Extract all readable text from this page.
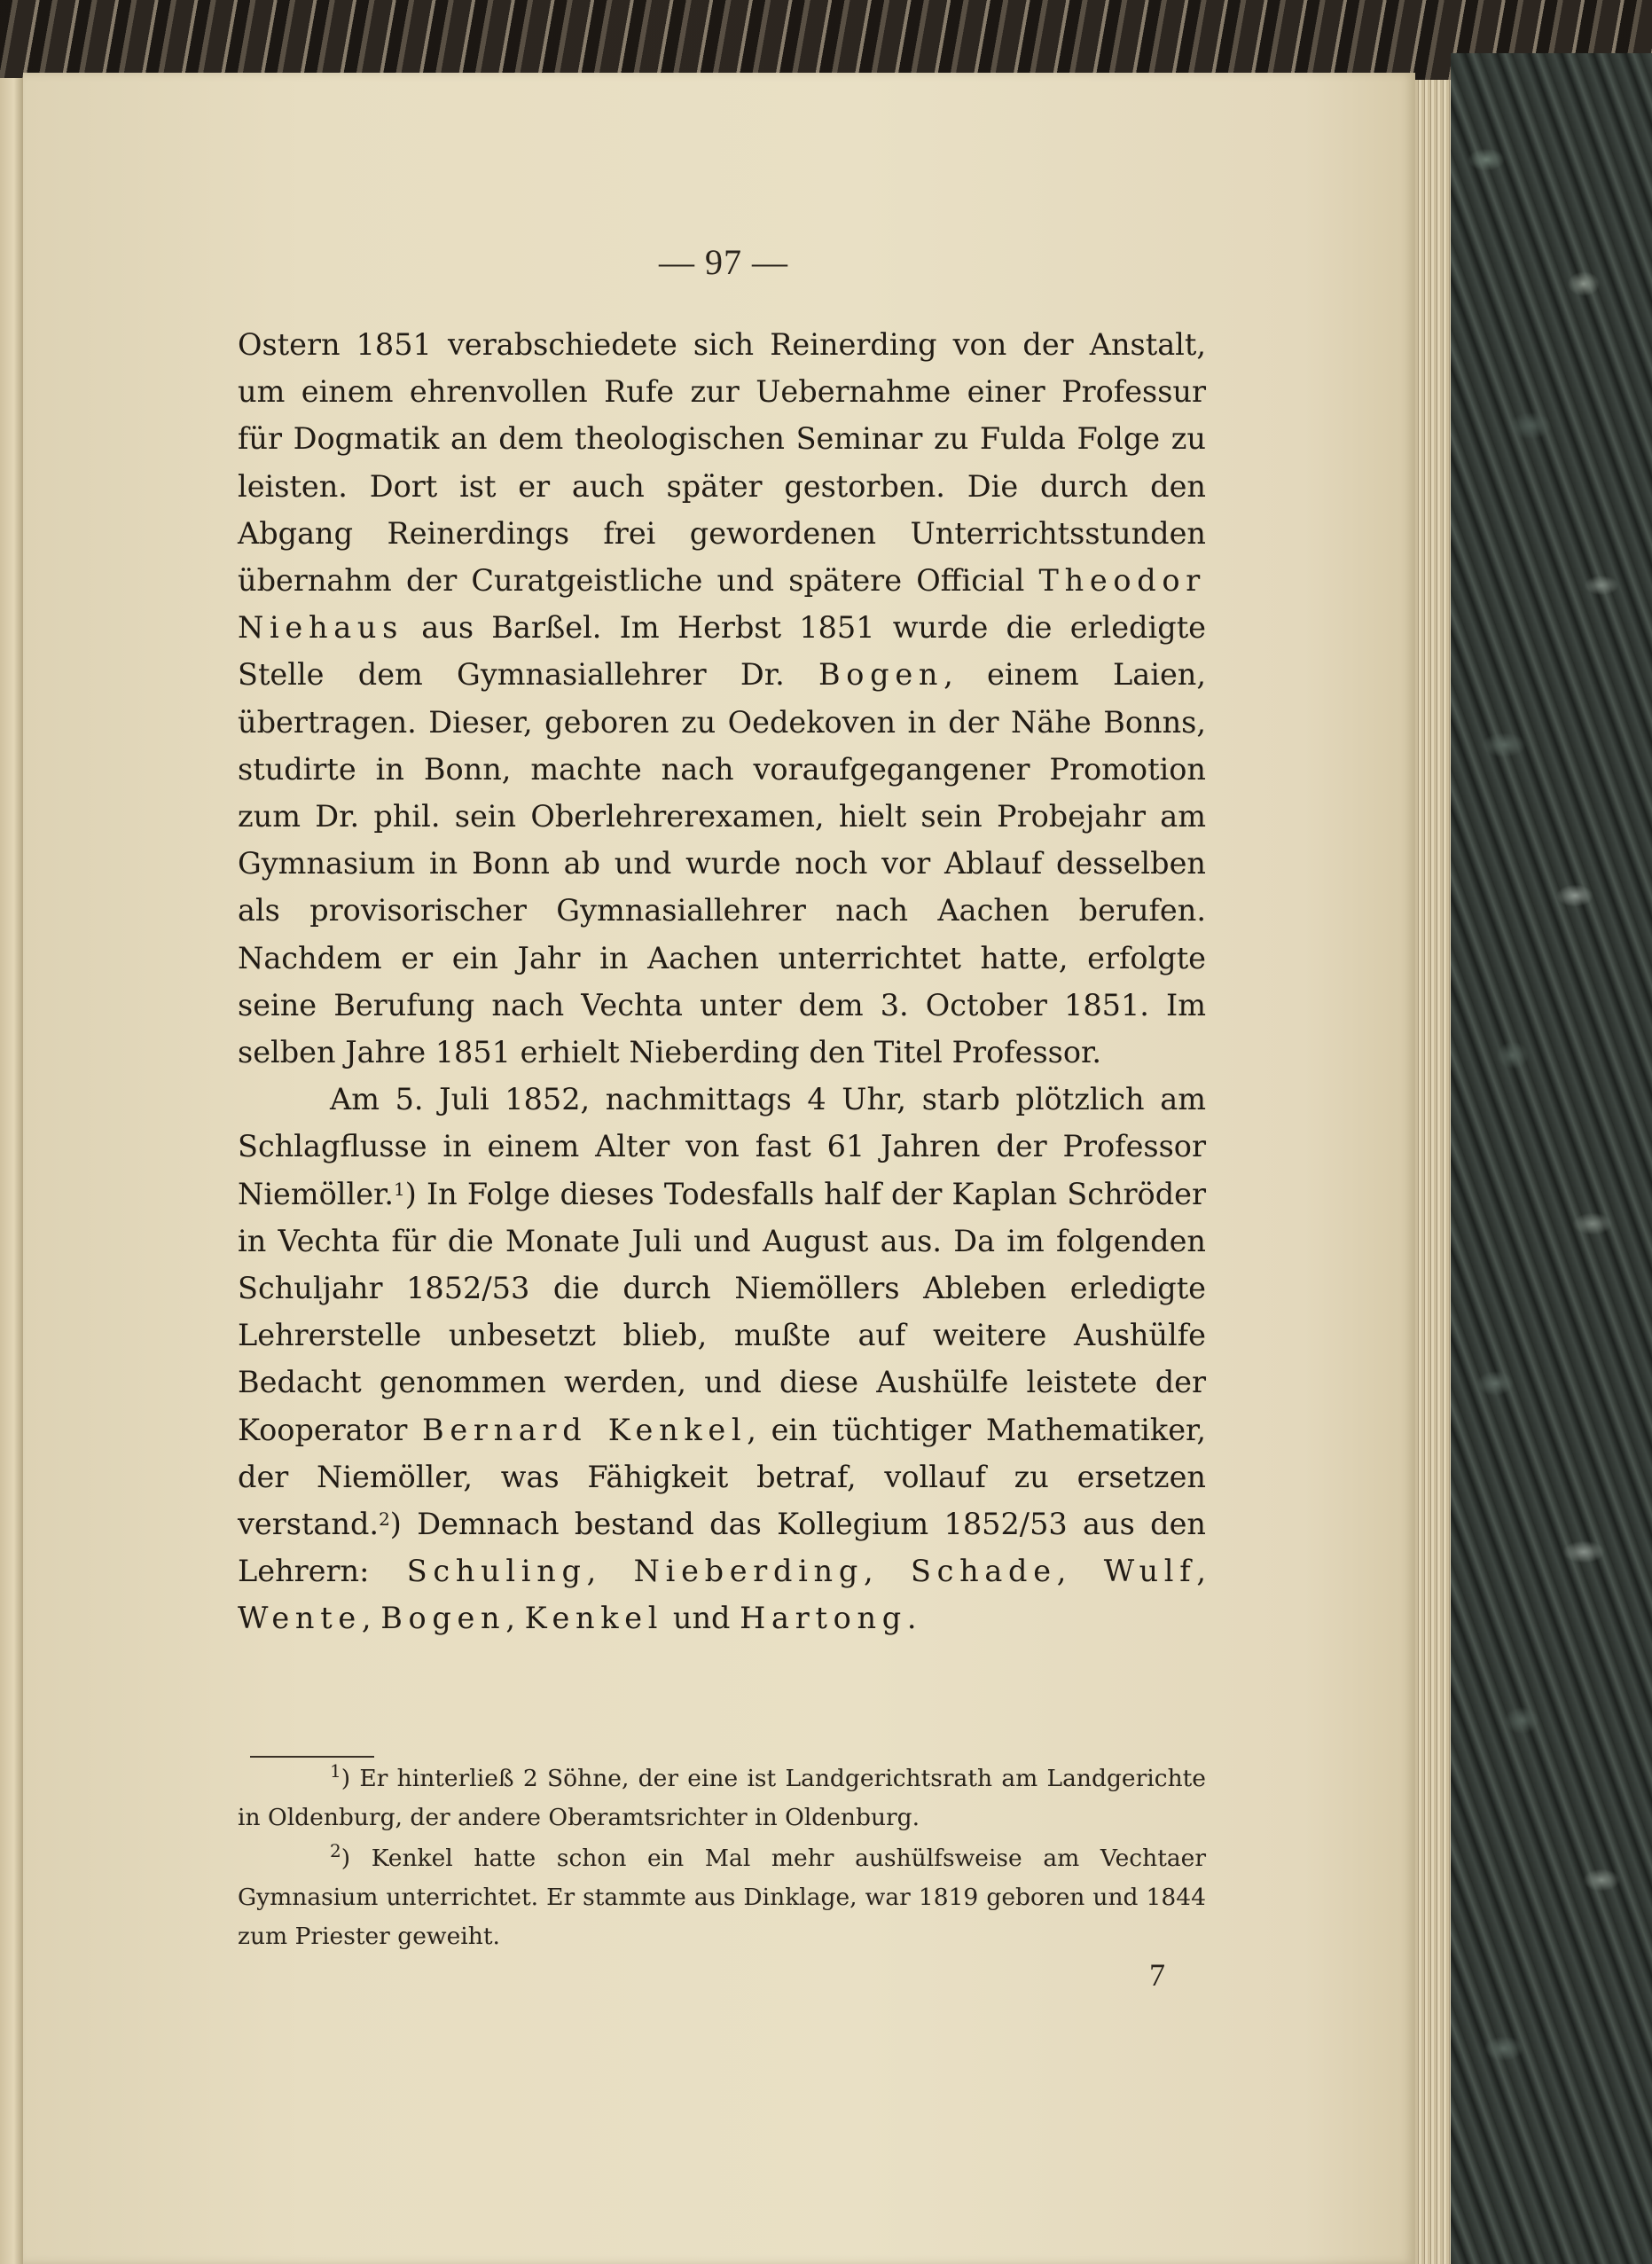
— 97 —

Ostern 1851 verabschiedete sich Reinerding von der Anstalt, um einem ehrenvollen Rufe zur Uebernahme einer Professur für Dogmatik an dem theologischen Seminar zu Fulda Folge zu leisten. Dort ist er auch später gestorben. Die durch den Abgang Reinerdings frei gewordenen Unterrichtsstunden übernahm der Curatgeistliche und spätere Official Theodor Niehaus aus Barßel. Im Herbst 1851 wurde die erledigte Stelle dem Gymnasiallehrer Dr. Bogen, einem Laien, übertragen. Dieser, geboren zu Oedekoven in der Nähe Bonns, studirte in Bonn, machte nach voraufgegangener Promotion zum Dr. phil. sein Oberlehrerexamen, hielt sein Probejahr am Gymnasium in Bonn ab und wurde noch vor Ablauf desselben als provisorischer Gymnasiallehrer nach Aachen berufen. Nachdem er ein Jahr in Aachen unterrichtet hatte, erfolgte seine Berufung nach Vechta unter dem 3. October 1851. Im selben Jahre 1851 erhielt Nieberding den Titel Professor.

Am 5. Juli 1852, nachmittags 4 Uhr, starb plötzlich am Schlagflusse in einem Alter von fast 61 Jahren der Professor Niemöller.$^1$) In Folge dieses Todesfalls half der Kaplan Schröder in Vechta für die Monate Juli und August aus. Da im folgenden Schuljahr 1852/53 die durch Niemöllers Ableben erledigte Lehrerstelle unbesetzt blieb, mußte auf weitere Aushülfe Bedacht genommen werden, und diese Aushülfe leistete der Kooperator Bernard Kenkel, ein tüchtiger Mathematiker, der Niemöller, was Fähigkeit betraf, vollauf zu ersetzen verstand.$^2$) Demnach bestand das Kollegium 1852/53 aus den Lehrern: Schuling, Nieberding, Schade, Wulf, Wente, Bogen, Kenkel und Hartong.

$^1$) Er hinterließ 2 Söhne, der eine ist Landgerichtsrath am Landgerichte in Oldenburg, der andere Oberamtsrichter in Oldenburg.

$^2$) Kenkel hatte schon ein Mal mehr aushülfsweise am Vechtaer Gymnasium unterrichtet. Er stammte aus Dinklage, war 1819 geboren und 1844 zum Priester geweiht.

7
